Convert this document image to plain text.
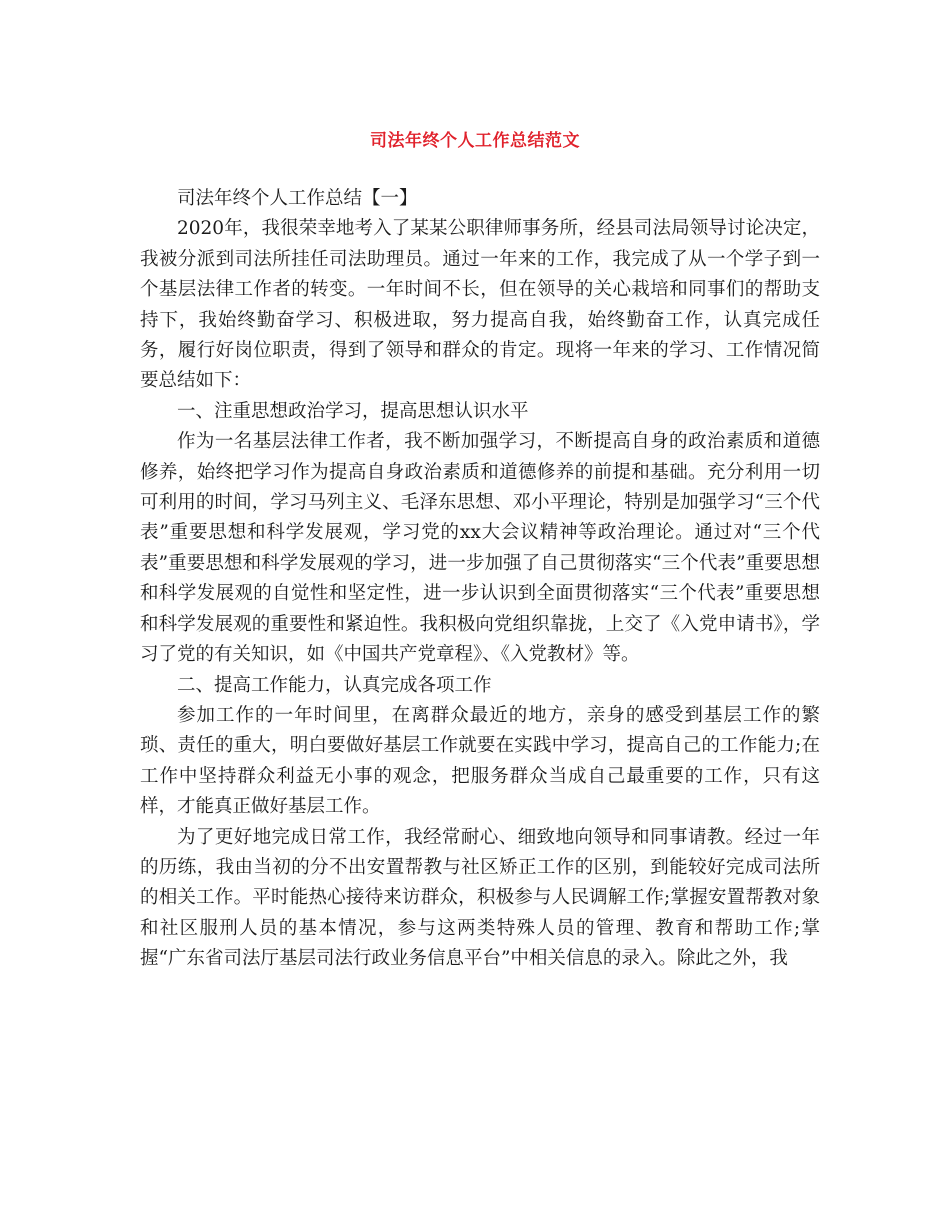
司法年终个人工作总结范文

司法年终个人工作总结【一】

2020年，我很荣幸地考入了某某公职律师事务所，经县司法局领导讨论决定，我被分派到司法所挂任司法助理员。通过一年来的工作，我完成了从一个学子到一个基层法律工作者的转变。一年时间不长，但在领导的关心栽培和同事们的帮助支持下，我始终勤奋学习、积极进取，努力提高自我，始终勤奋工作，认真完成任务，履行好岗位职责，得到了领导和群众的肯定。现将一年来的学习、工作情况简要总结如下：

一、注重思想政治学习，提高思想认识水平

作为一名基层法律工作者，我不断加强学习，不断提高自身的政治素质和道德修养，始终把学习作为提高自身政治素质和道德修养的前提和基础。充分利用一切可利用的时间，学习马列主义、毛泽东思想、邓小平理论，特别是加强学习“三个代表”重要思想和科学发展观，学习党的xx大会议精神等政治理论。通过对“三个代表”重要思想和科学发展观的学习，进一步加强了自己贯彻落实“三个代表”重要思想和科学发展观的自觉性和坚定性，进一步认识到全面贯彻落实“三个代表”重要思想和科学发展观的重要性和紧迫性。我积极向党组织靠拢，上交了《入党申请书》，学习了党的有关知识，如《中国共产党章程》、《入党教材》等。

二、提高工作能力，认真完成各项工作

参加工作的一年时间里，在离群众最近的地方，亲身的感受到基层工作的繁琐、责任的重大，明白要做好基层工作就要在实践中学习，提高自己的工作能力;在工作中坚持群众利益无小事的观念，把服务群众当成自己最重要的工作，只有这样，才能真正做好基层工作。

为了更好地完成日常工作，我经常耐心、细致地向领导和同事请教。经过一年的历练，我由当初的分不出安置帮教与社区矫正工作的区别，到能较好完成司法所的相关工作。平时能热心接待来访群众，积极参与人民调解工作;掌握安置帮教对象和社区服刑人员的基本情况，参与这两类特殊人员的管理、教育和帮助工作;掌握“广东省司法厅基层司法行政业务信息平台”中相关信息的录入。除此之外，我
